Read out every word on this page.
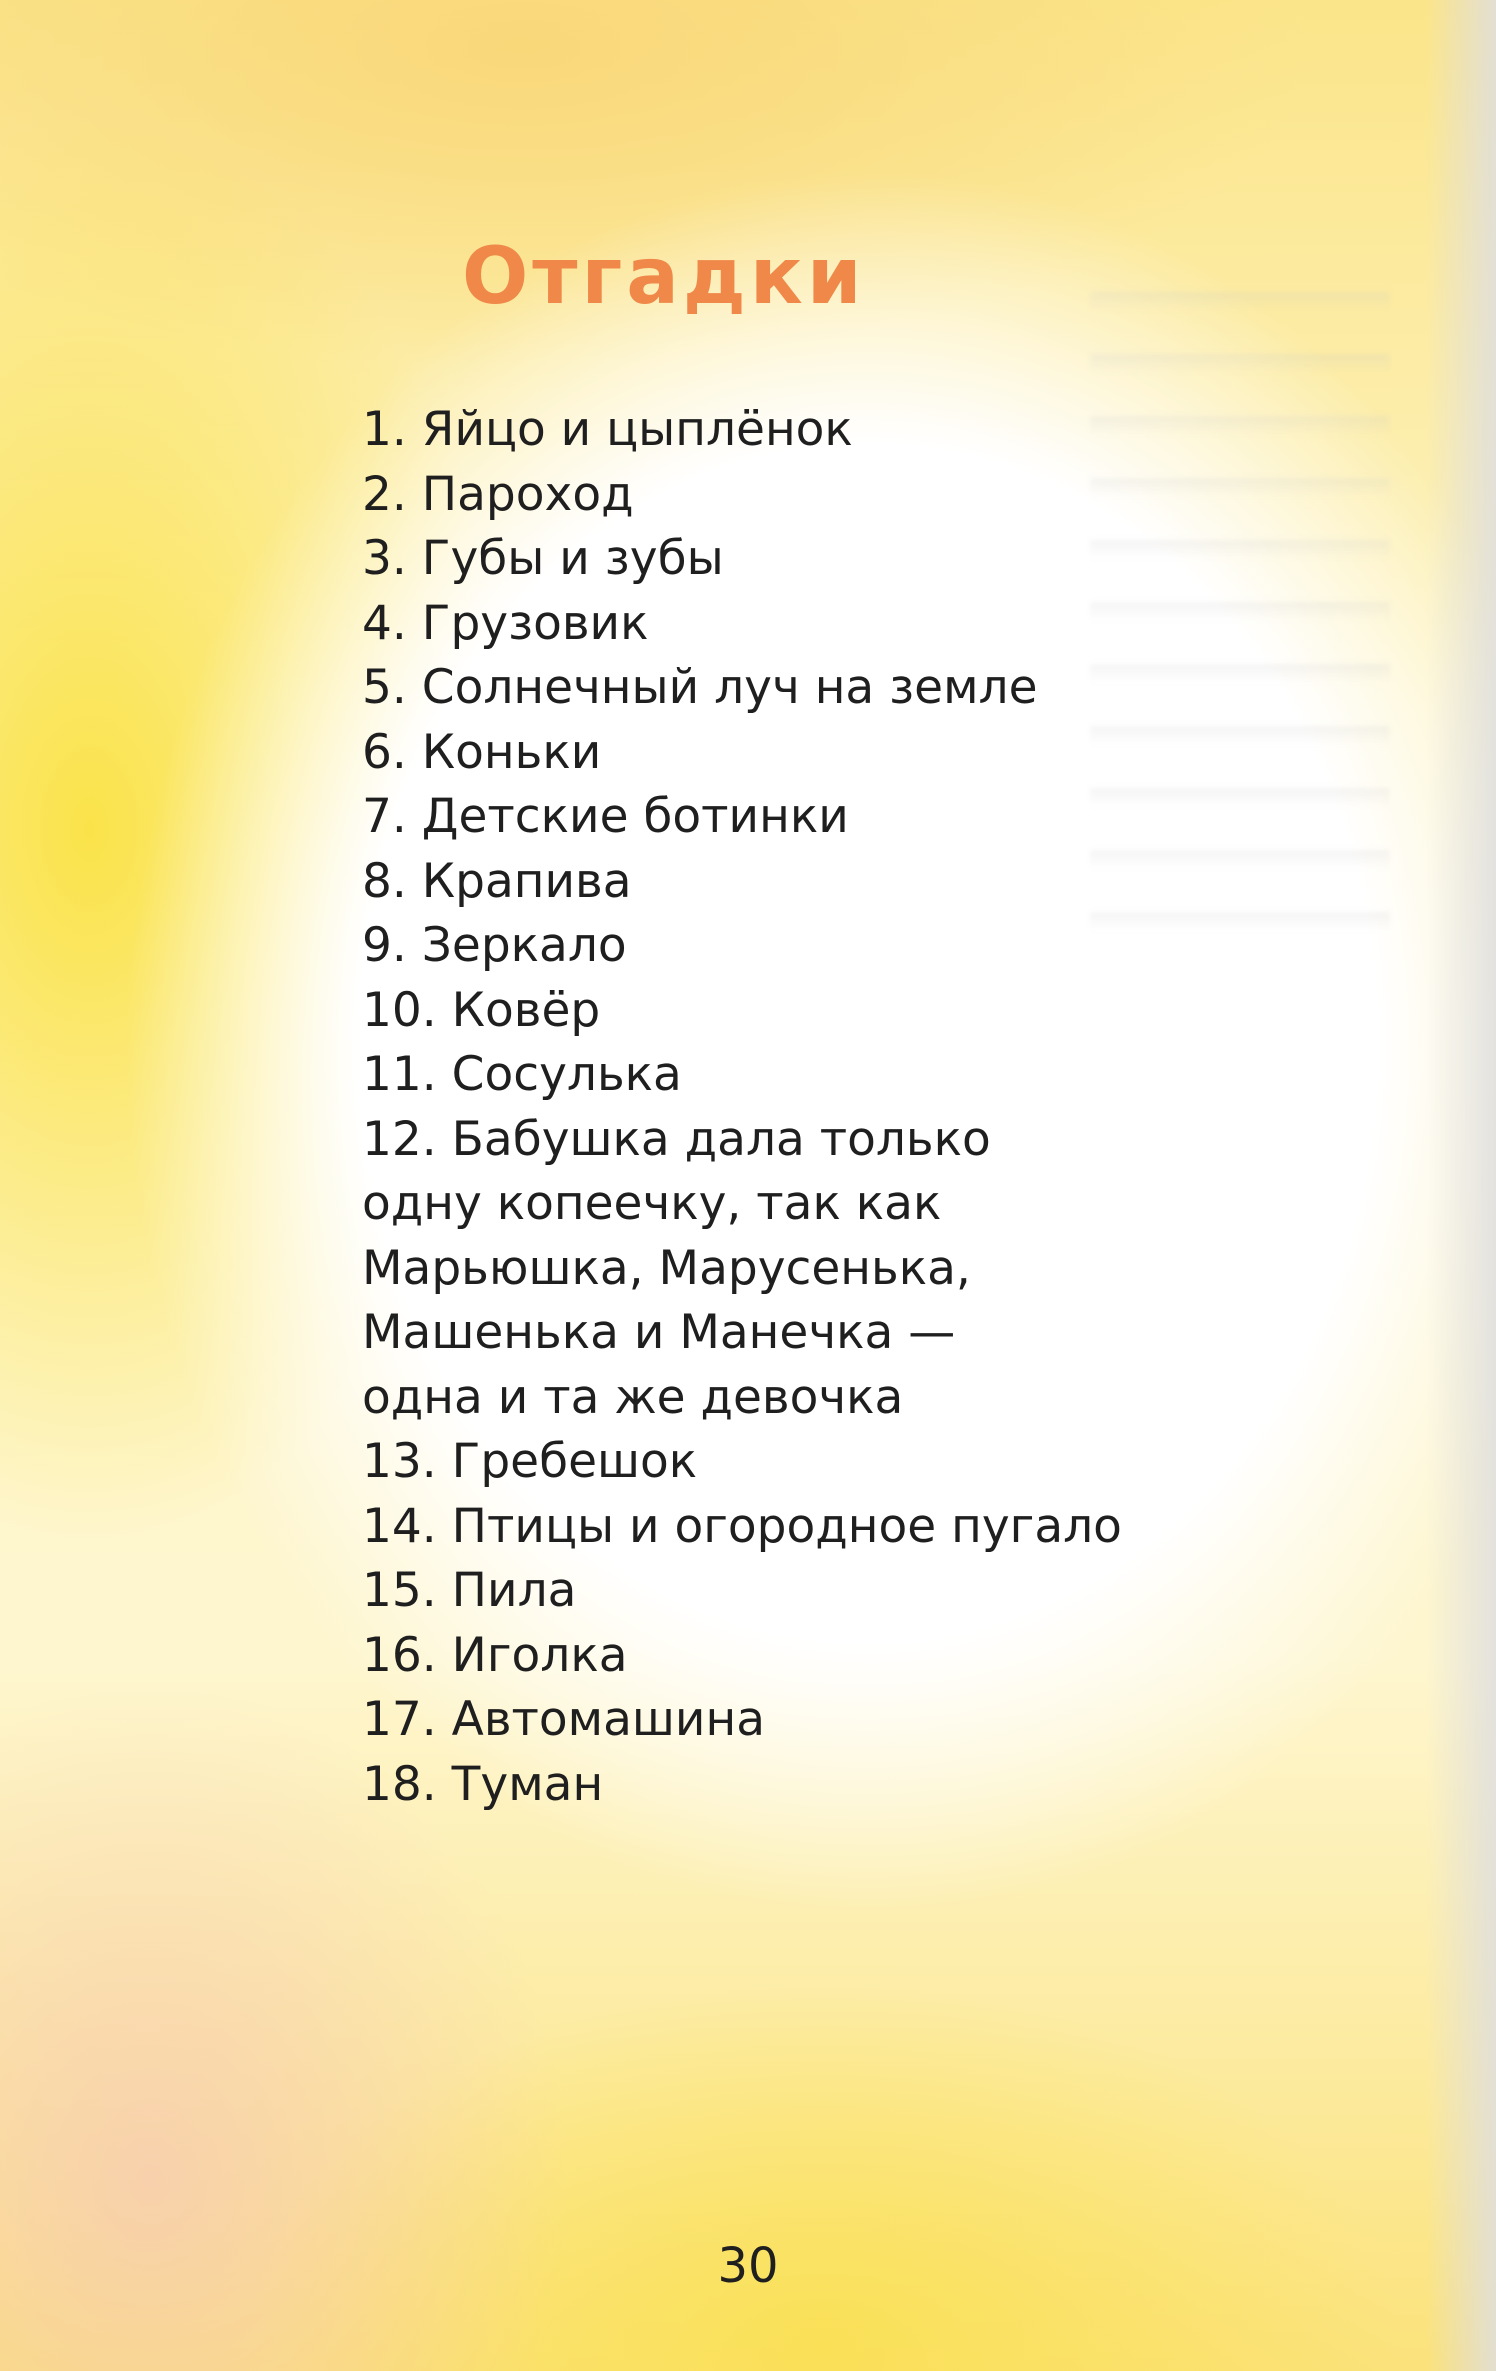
Отгадки
1. Яйцо и цыплёнок
2. Пароход
3. Губы и зубы
4. Грузовик
5. Солнечный луч на земле
6. Коньки
7. Детские ботинки
8. Крапива
9. Зеркало
10. Ковёр
11. Сосулька
12. Бабушка дала только
одну копеечку, так как
Марьюшка, Марусенька,
Машенька и Манечка —
одна и та же девочка
13. Гребешок
14. Птицы и огородное пугало
15. Пила
16. Иголка
17. Автомашина
18. Туман
30
